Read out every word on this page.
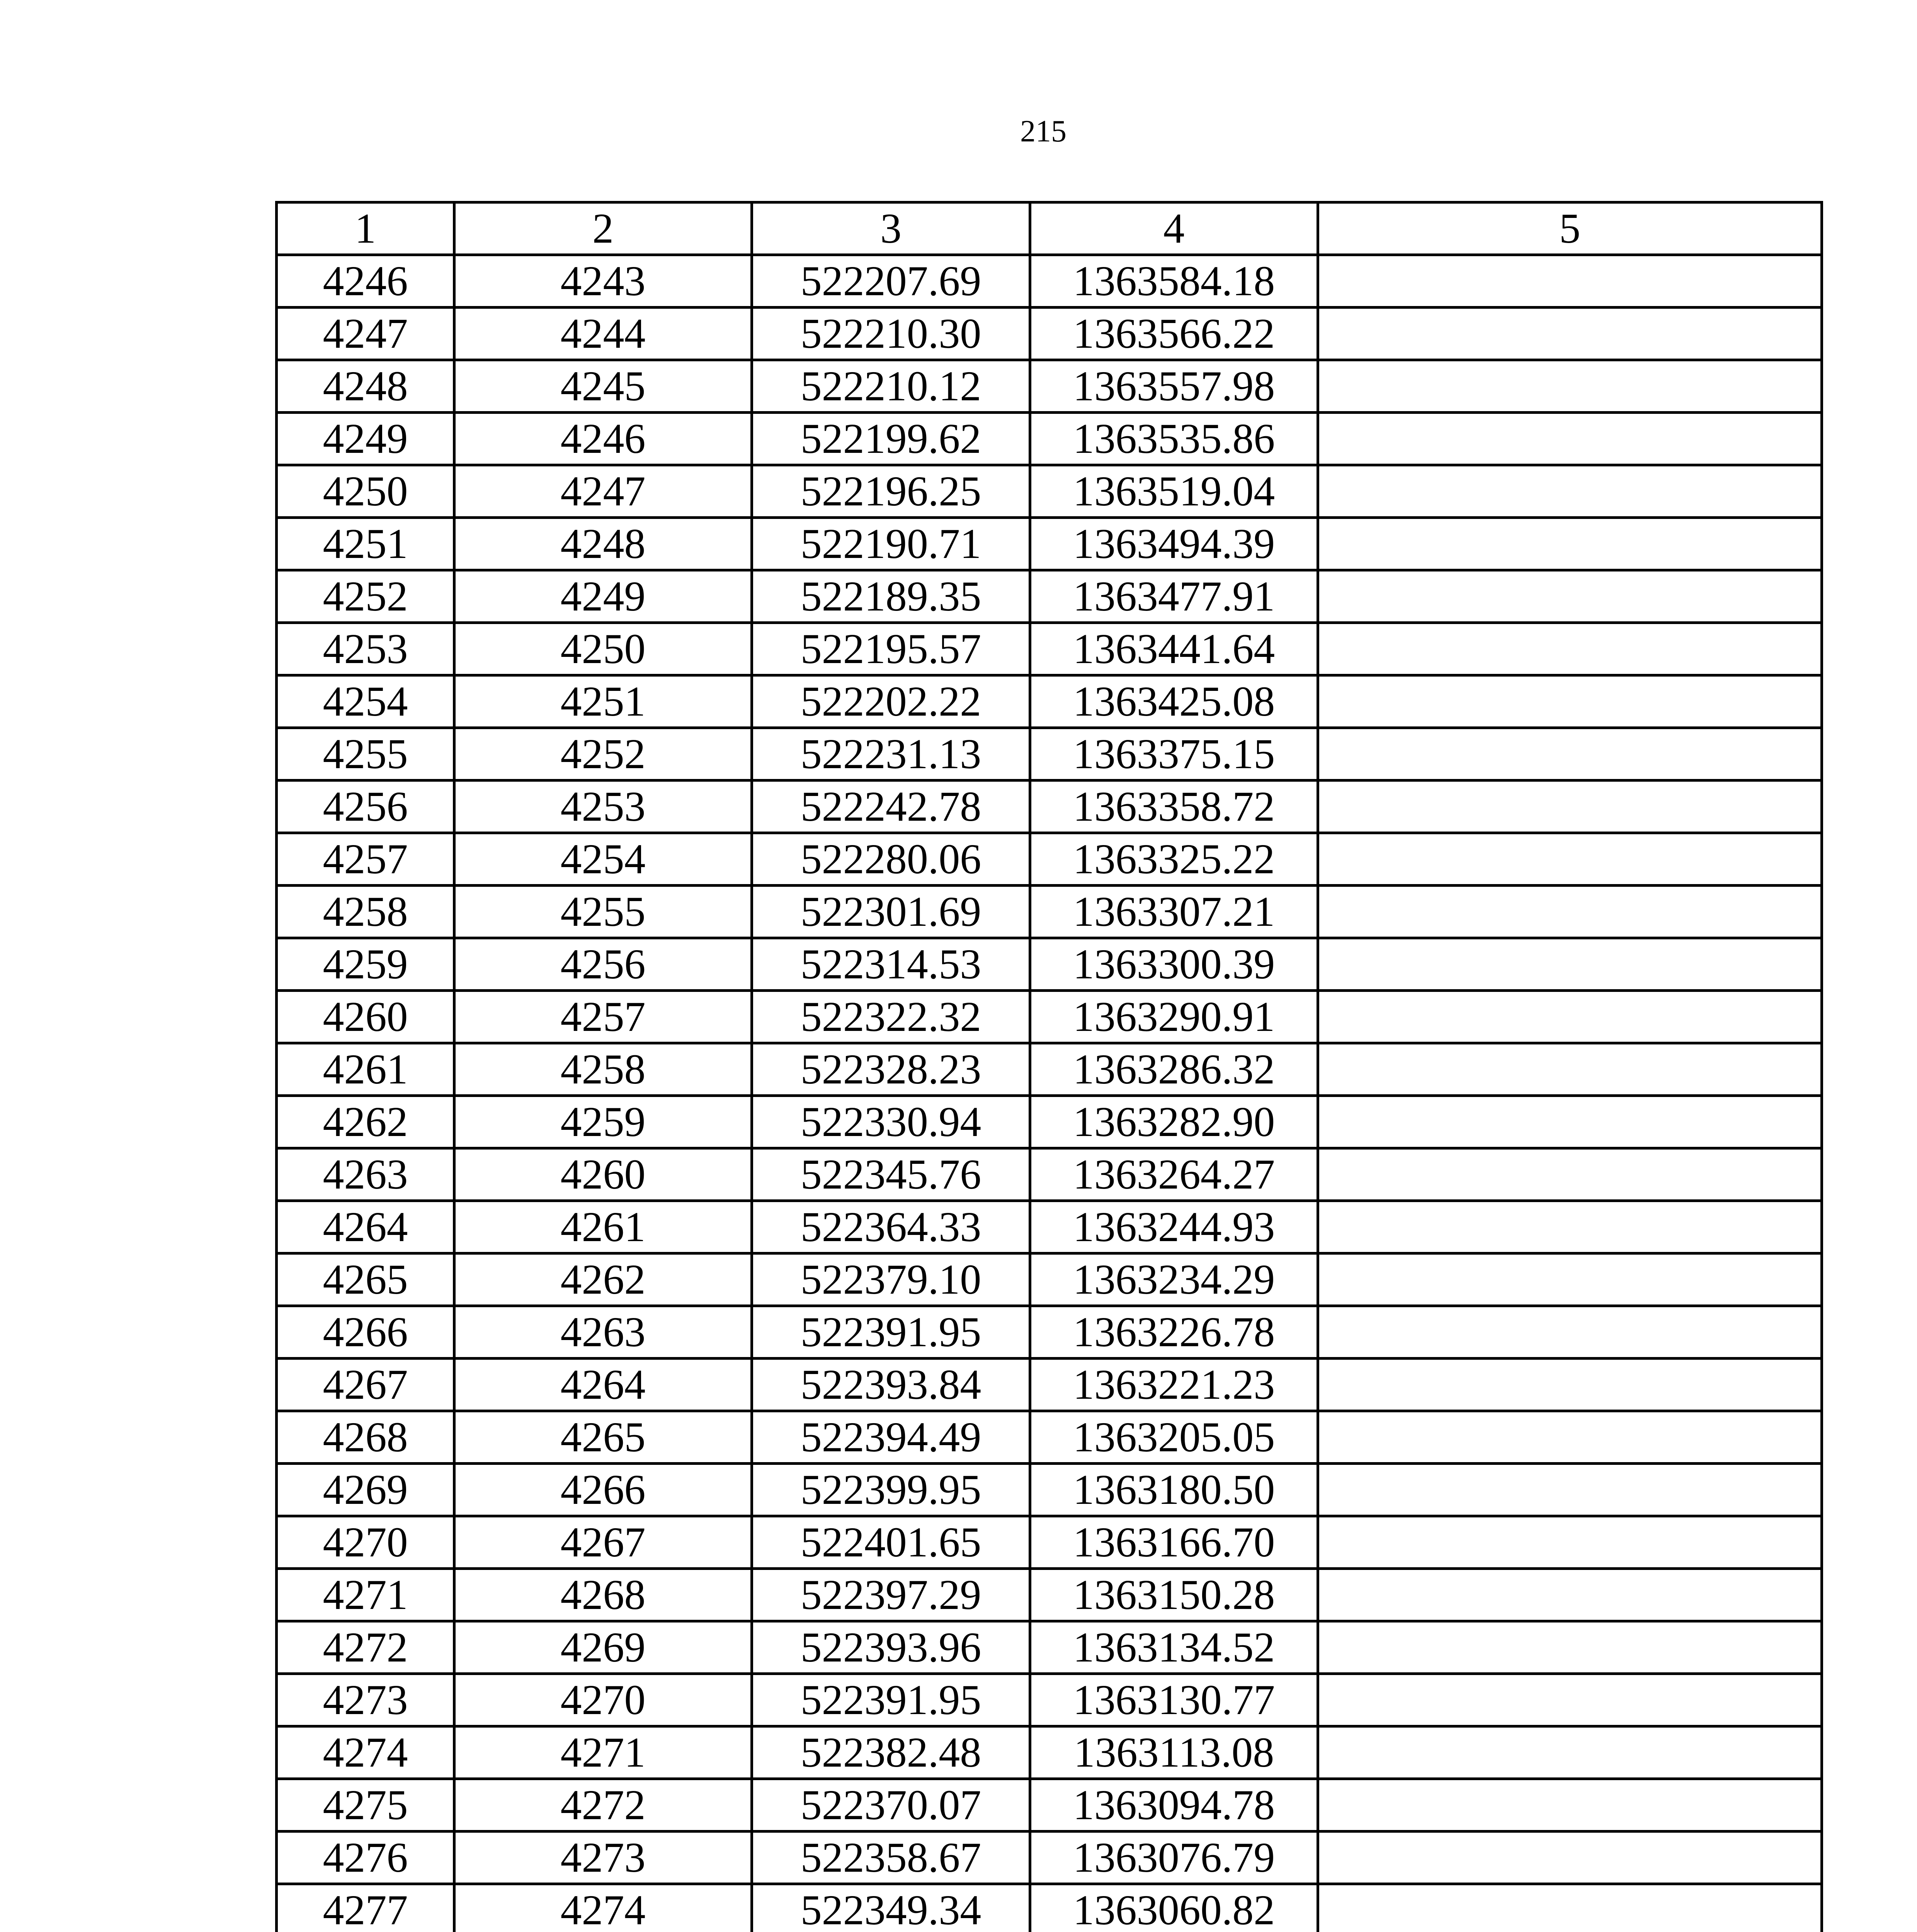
215
1	2	3	4	5
4246	4243	522207.69	1363584.18	
4247	4244	522210.30	1363566.22	
4248	4245	522210.12	1363557.98	
4249	4246	522199.62	1363535.86	
4250	4247	522196.25	1363519.04	
4251	4248	522190.71	1363494.39	
4252	4249	522189.35	1363477.91	
4253	4250	522195.57	1363441.64	
4254	4251	522202.22	1363425.08	
4255	4252	522231.13	1363375.15	
4256	4253	522242.78	1363358.72	
4257	4254	522280.06	1363325.22	
4258	4255	522301.69	1363307.21	
4259	4256	522314.53	1363300.39	
4260	4257	522322.32	1363290.91	
4261	4258	522328.23	1363286.32	
4262	4259	522330.94	1363282.90	
4263	4260	522345.76	1363264.27	
4264	4261	522364.33	1363244.93	
4265	4262	522379.10	1363234.29	
4266	4263	522391.95	1363226.78	
4267	4264	522393.84	1363221.23	
4268	4265	522394.49	1363205.05	
4269	4266	522399.95	1363180.50	
4270	4267	522401.65	1363166.70	
4271	4268	522397.29	1363150.28	
4272	4269	522393.96	1363134.52	
4273	4270	522391.95	1363130.77	
4274	4271	522382.48	1363113.08	
4275	4272	522370.07	1363094.78	
4276	4273	522358.67	1363076.79	
4277	4274	522349.34	1363060.82	
